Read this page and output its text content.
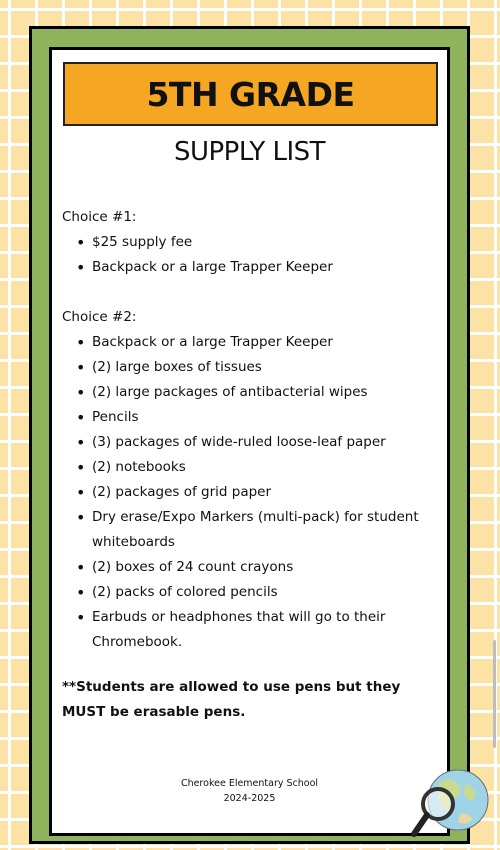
5TH GRADE
SUPPLY LIST

Choice #1:

• $25 supply fee
• Backpack or a large Trapper Keeper

Choice #2:

• Backpack or a large Trapper Keeper
• (2) large boxes of tissues
• (2) large packages of antibacterial wipes
• Pencils
• (3) packages of wide-ruled loose-leaf paper
• (2) notebooks
• (2) packages of grid paper
• Dry erase/Expo Markers (multi-pack) for student whiteboards
• (2) boxes of 24 count crayons
• (2) packs of colored pencils
• Earbuds or headphones that will go to their Chromebook.

**Students are allowed to use pens but they MUST be erasable pens.

Cherokee Elementary School
2024-2025
